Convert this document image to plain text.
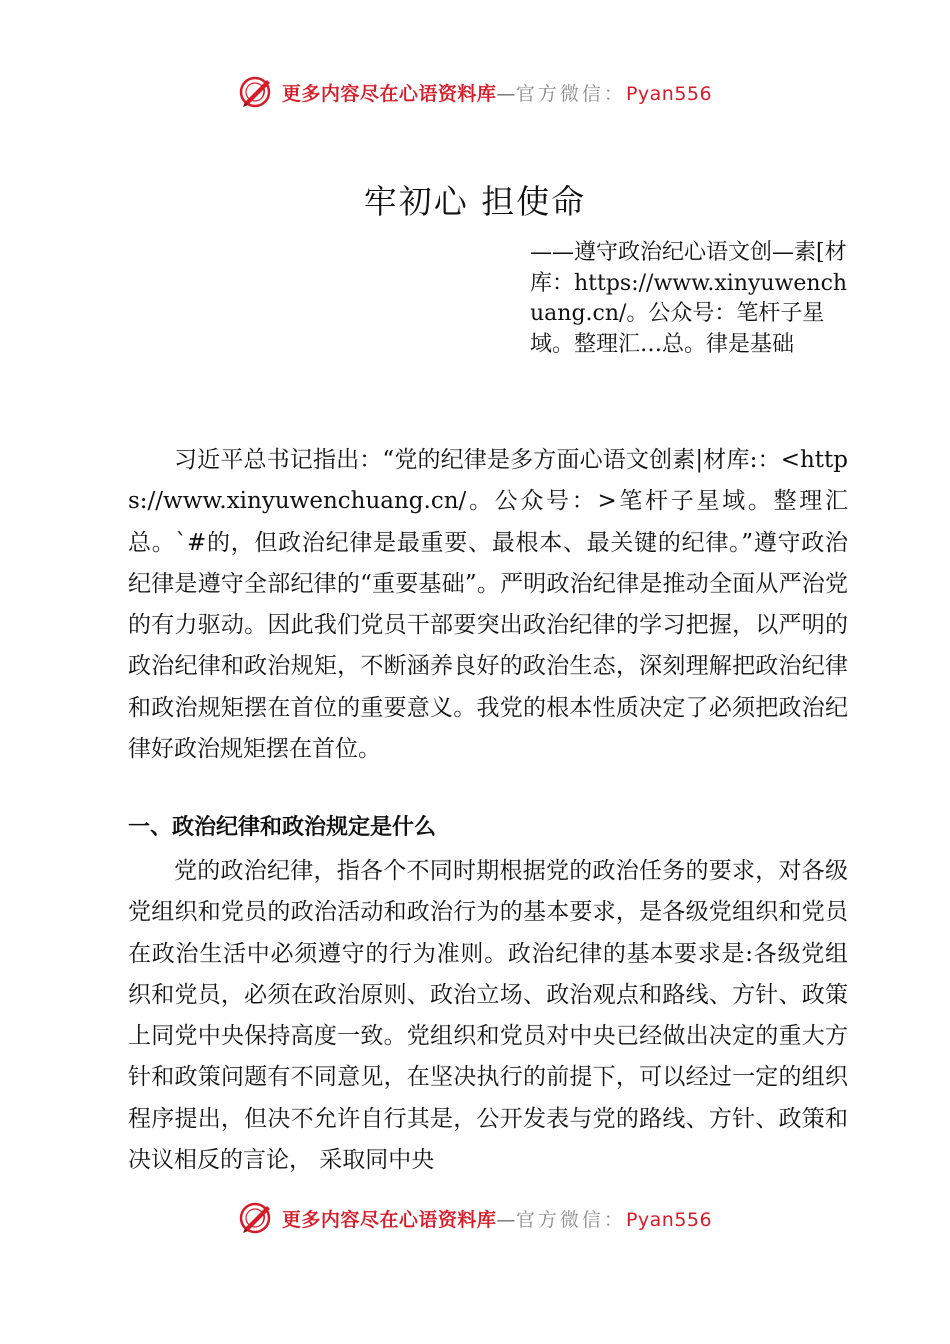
更多内容尽在心语资料库—官方微信：Pyan556
牢初心 担使命
——遵守政治纪心语文创—素[材库：https://www.xinyuwenchuang.cn/。公众号：笔杆子星域。整理汇…总。律是基础
习近平总书记指出：“党的纪律是多方面心语文创素|材库:：<https://www.xinyuwenchuang.cn/。公众号：>笔杆子星域。整理汇总。`#的，但政治纪律是最重要、最根本、最关键的纪律。”遵守政治纪律是遵守全部纪律的“重要基础”。严明政治纪律是推动全面从严治党的有力驱动。因此我们党员干部要突出政治纪律的学习把握，以严明的政治纪律和政治规矩，不断涵养良好的政治生态，深刻理解把政治纪律和政治规矩摆在首位的重要意义。我党的根本性质决定了必须把政治纪律好政治规矩摆在首位。
一、政治纪律和政治规定是什么
党的政治纪律，指各个不同时期根据党的政治任务的要求，对各级党组织和党员的政治活动和政治行为的基本要求，是各级党组织和党员在政治生活中必须遵守的行为准则。政治纪律的基本要求是:各级党组织和党员，必须在政治原则、政治立场、政治观点和路线、方针、政策上同党中央保持高度一致。党组织和党员对中央已经做出决定的重大方针和政策问题有不同意见，在坚决执行的前提下，可以经过一定的组织程序提出，但决不允许自行其是，公开发表与党的路线、方针、政策和决议相反的言论， 采取同中央
更多内容尽在心语资料库—官方微信：Pyan556
